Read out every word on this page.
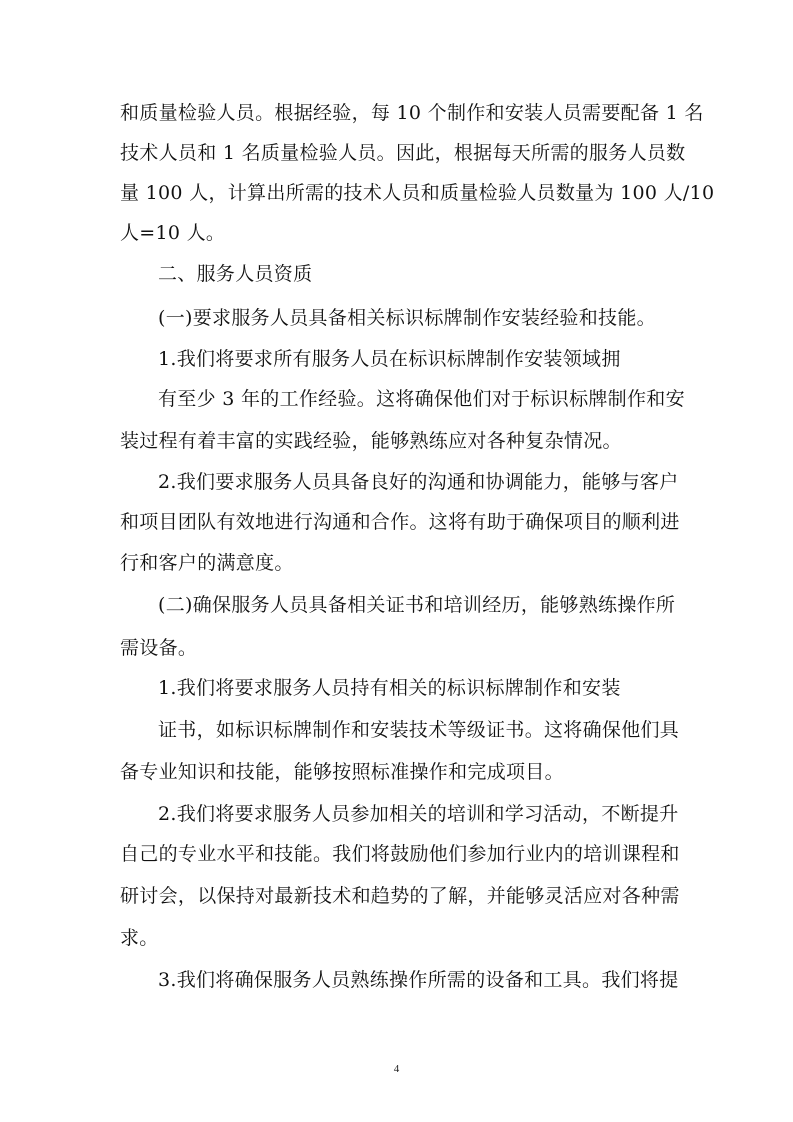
和质量检验人员。根据经验，每 10 个制作和安装人员需要配备 1 名
技术人员和 1 名质量检验人员。因此，根据每天所需的服务人员数
量 100 人，计算出所需的技术人员和质量检验人员数量为 100 人/10
人=10 人。
二、服务人员资质
(一)要求服务人员具备相关标识标牌制作安装经验和技能。
1.我们将要求所有服务人员在标识标牌制作安装领域拥
有至少 3 年的工作经验。这将确保他们对于标识标牌制作和安
装过程有着丰富的实践经验，能够熟练应对各种复杂情况。
2.我们要求服务人员具备良好的沟通和协调能力，能够与客户
和项目团队有效地进行沟通和合作。这将有助于确保项目的顺利进
行和客户的满意度。
(二)确保服务人员具备相关证书和培训经历，能够熟练操作所
需设备。
1.我们将要求服务人员持有相关的标识标牌制作和安装
证书，如标识标牌制作和安装技术等级证书。这将确保他们具
备专业知识和技能，能够按照标准操作和完成项目。
2.我们将要求服务人员参加相关的培训和学习活动，不断提升
自己的专业水平和技能。我们将鼓励他们参加行业内的培训课程和
研讨会，以保持对最新技术和趋势的了解，并能够灵活应对各种需
求。
3.我们将确保服务人员熟练操作所需的设备和工具。我们将提
4
